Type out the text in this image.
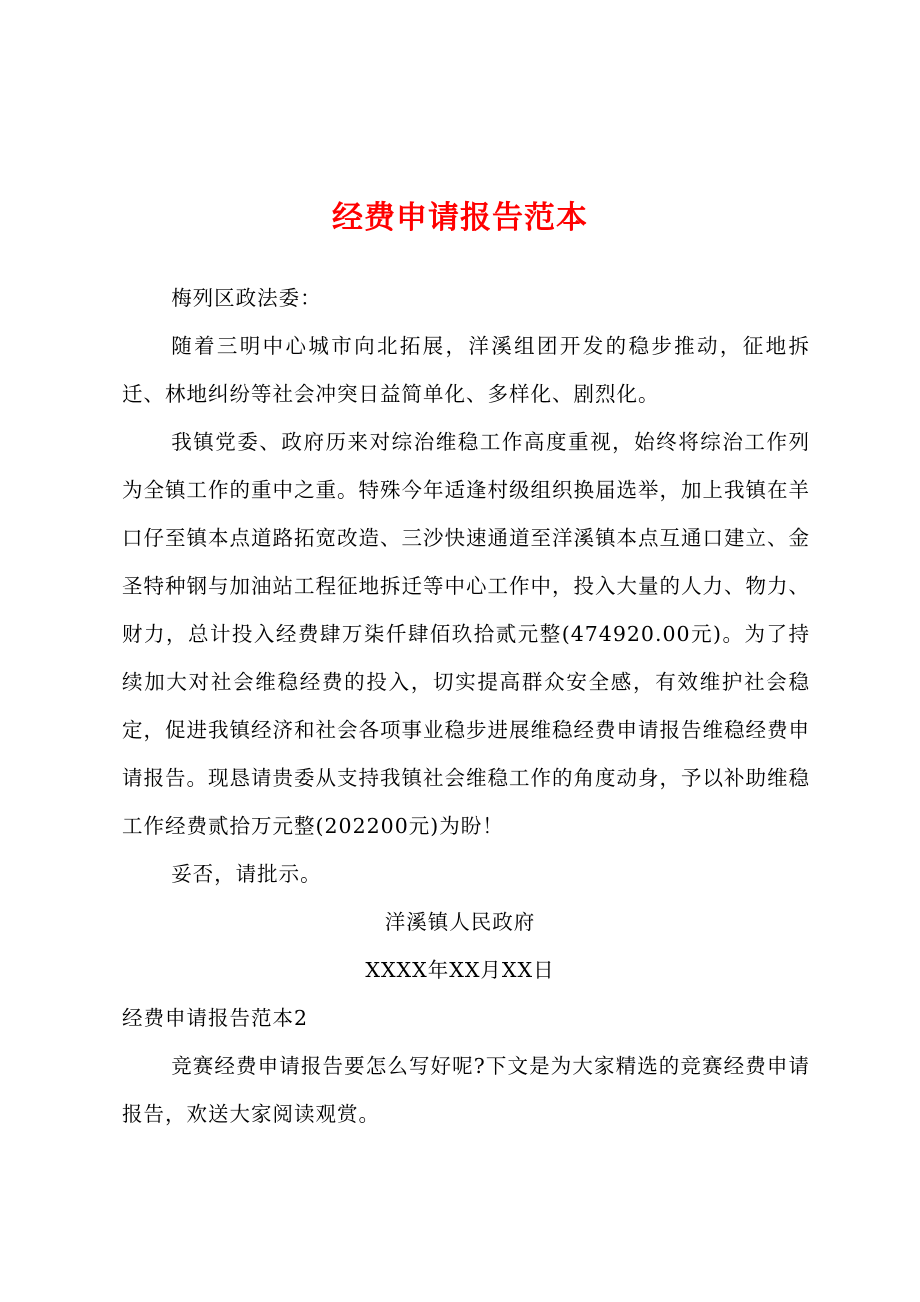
经费申请报告范本

梅列区政法委：

随着三明中心城市向北拓展，洋溪组团开发的稳步推动，征地拆迁、林地纠纷等社会冲突日益简单化、多样化、剧烈化。

我镇党委、政府历来对综治维稳工作高度重视，始终将综治工作列为全镇工作的重中之重。特殊今年适逢村级组织换届选举，加上我镇在羊口仔至镇本点道路拓宽改造、三沙快速通道至洋溪镇本点互通口建立、金圣特种钢与加油站工程征地拆迁等中心工作中，投入大量的人力、物力、财力，总计投入经费肆万柒仟肆佰玖拾贰元整(474920.00元)。为了持续加大对社会维稳经费的投入，切实提高群众安全感，有效维护社会稳定，促进我镇经济和社会各项事业稳步进展维稳经费申请报告维稳经费申请报告。现恳请贵委从支持我镇社会维稳工作的角度动身，予以补助维稳工作经费贰拾万元整(202200元)为盼！

妥否，请批示。

洋溪镇人民政府
XXXX年XX月XX日

经费申请报告范本2

竞赛经费申请报告要怎么写好呢?下文是为大家精选的竞赛经费申请报告，欢送大家阅读观赏。
